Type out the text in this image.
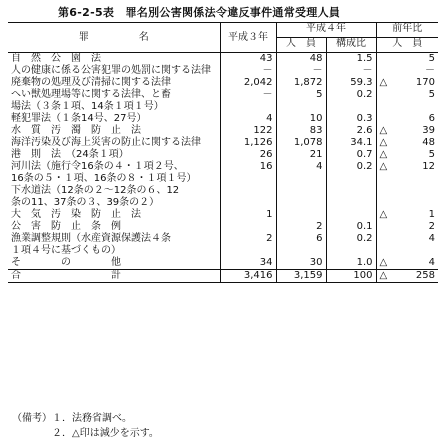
第6-2-5表　罪名別公害関係法令違反事件通常受理人員
罪　　　　　名	平成３年	平成４年		前年比	
		人　員	構成比	人　員	

自　然　公　園　法	43	48	1.5		5

人の健康に係る公害犯罪の処罰に関する法律	－	－	－		－

廃棄物の処理及び清掃に関する法律	2,042	1,872	59.3	△	170

へい獣処理場等に関する法律、と畜
場法（３条１項、14条１項１号）	－	5	0.2		5

軽犯罪法（１条14号、27号）	4	10	0.3		6

水　質　汚　濁　防　止　法	122	83	2.6	△	39

海洋汚染及び海上災害の防止に関する法律	1,126	1,078	34.1	△	48

港　則　法　（24条１項）	26	21	0.7	△	5

河川法（施行令16条の４・１項２号、
16条の５・１項、16条の８・１項１号）	16	4	0.2	△	12

下水道法（12条の２～12条の６、12
条の11、37条の３、39条の２）					

大　気　汚　染　防　止　法	1			△	1

公　害　防　止　条　例		2	0.1		2

漁業調整規則（水産資源保護法４条
１項４号に基づくもの）	2	6	0.2		4

そ　　　　の　　　　他	34	30	1.0	△	4

合　　　　　　　　　計	3,416	3,159	100	△	258
（備考）１．法務省調べ。
　　　　２．△印は減少を示す。
